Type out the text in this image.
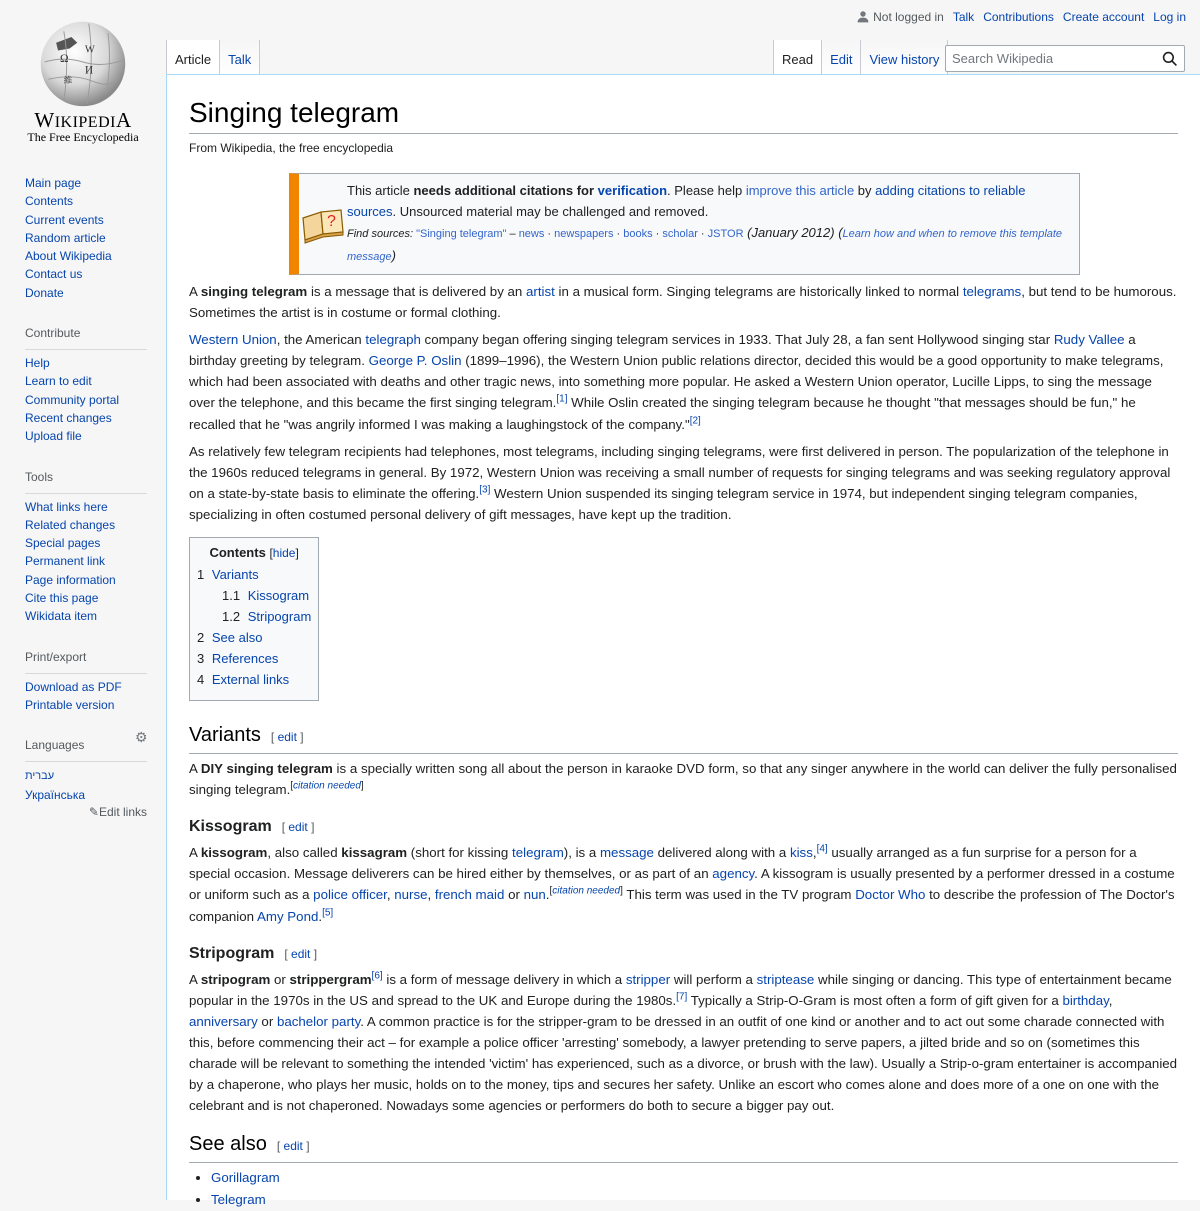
Ω
W
И
維
WIKIPEDIA
The Free Encyclopedia
Not logged in Talk Contributions Create account Log in
Article	Talk	Read	Edit	View history
Search Wikipedia
Main page
Contents
Current events
Random article
About Wikipedia
Contact us
Donate
Contribute
Help
Learn to edit
Community portal
Recent changes
Upload file
Tools
What links here
Related changes
Special pages
Permanent link
Page information
Cite this page
Wikidata item
Print/export
Download as PDF
Printable version
Languages	⚙
עברית
Українська
✎Edit links
Singing telegram
From Wikipedia, the free encyclopedia
?
This article needs additional citations for verification. Please help improve this article by adding citations to reliable sources. Unsourced material may be challenged and removed.
Find sources: "Singing telegram" – news · newspapers · books · scholar · JSTOR (January 2012) (Learn how and when to remove this template message)

A singing telegram is a message that is delivered by an artist in a musical form. Singing telegrams are historically linked to normal telegrams, but tend to be humorous. Sometimes the artist is in costume or formal clothing.

Western Union, the American telegraph company began offering singing telegram services in 1933. That July 28, a fan sent Hollywood singing star Rudy Vallee a birthday greeting by telegram. George P. Oslin (1899–1996), the Western Union public relations director, decided this would be a good opportunity to make telegrams, which had been associated with deaths and other tragic news, into something more popular. He asked a Western Union operator, Lucille Lipps, to sing the message over the telephone, and this became the first singing telegram.[1] While Oslin created the singing telegram because he thought "that messages should be fun," he recalled that he "was angrily informed I was making a laughingstock of the company."[2]

As relatively few telegram recipients had telephones, most telegrams, including singing telegrams, were first delivered in person. The popularization of the telephone in the 1960s reduced telegrams in general. By 1972, Western Union was receiving a small number of requests for singing telegrams and was seeking regulatory approval on a state-by-state basis to eliminate the offering.[3] Western Union suspended its singing telegram service in 1974, but independent singing telegram companies, specializing in often costumed personal delivery of gift messages, have kept up the tradition.

Contents [hide]
1 Variants
1.1 Kissogram
1.2 Stripogram
2 See also
3 References
4 External links
Variants [ edit ]

A DIY singing telegram is a specially written song all about the person in karaoke DVD form, so that any singer anywhere in the world can deliver the fully personalised singing telegram.[citation needed]

Kissogram [ edit ]

A kissogram, also called kissagram (short for kissing telegram), is a message delivered along with a kiss,[4] usually arranged as a fun surprise for a person for a special occasion. Message deliverers can be hired either by themselves, or as part of an agency. A kissogram is usually presented by a performer dressed in a costume or uniform such as a police officer, nurse, french maid or nun.[citation needed] This term was used in the TV program Doctor Who to describe the profession of The Doctor's companion Amy Pond.[5]

Stripogram [ edit ]

A stripogram or strippergram[6] is a form of message delivery in which a stripper will perform a striptease while singing or dancing. This type of entertainment became popular in the 1970s in the US and spread to the UK and Europe during the 1980s.[7] Typically a Strip-O-Gram is most often a form of gift given for a birthday, anniversary or bachelor party. A common practice is for the stripper-gram to be dressed in an outfit of one kind or another and to act out some charade connected with this, before commencing their act – for example a police officer 'arresting' somebody, a lawyer pretending to serve papers, a jilted bride and so on (sometimes this charade will be relevant to something the intended 'victim' has experienced, such as a divorce, or brush with the law). Usually a Strip-o-gram entertainer is accompanied by a chaperone, who plays her music, holds on to the money, tips and secures her safety. Unlike an escort who comes alone and does more of a one on one with the celebrant and is not chaperoned. Nowadays some agencies or performers do both to secure a bigger pay out.

See also [ edit ]
• Gorillagram
• Telegram
